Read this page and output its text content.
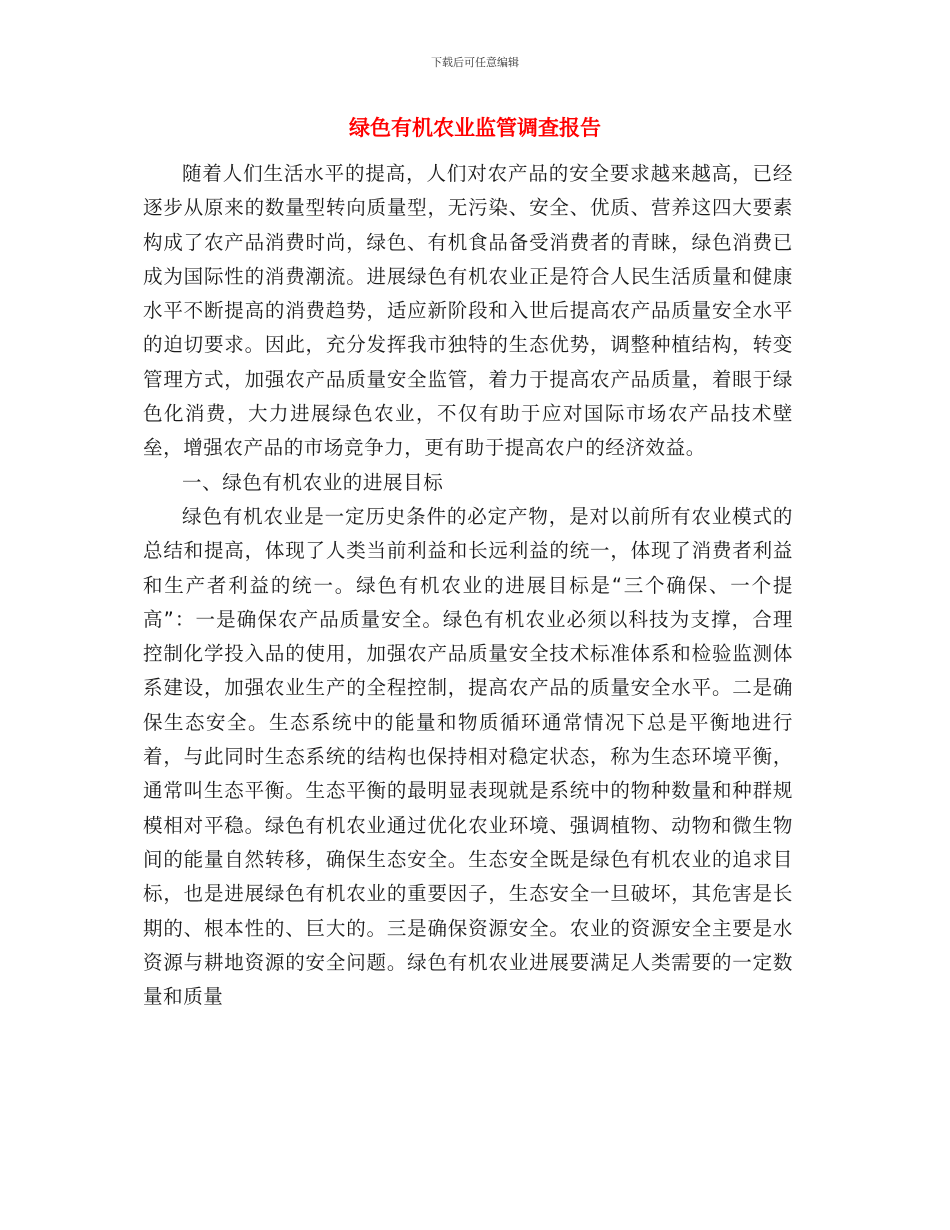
下载后可任意编辑
绿色有机农业监管调查报告

随着人们生活水平的提高，人们对农产品的安全要求越来越高，已经逐步从原来的数量型转向质量型，无污染、安全、优质、营养这四大要素构成了农产品消费时尚，绿色、有机食品备受消费者的青睐，绿色消费已成为国际性的消费潮流。进展绿色有机农业正是符合人民生活质量和健康水平不断提高的消费趋势，适应新阶段和入世后提高农产品质量安全水平的迫切要求。因此，充分发挥我市独特的生态优势，调整种植结构，转变管理方式，加强农产品质量安全监管，着力于提高农产品质量，着眼于绿色化消费，大力进展绿色农业，不仅有助于应对国际市场农产品技术壁垒，增强农产品的市场竞争力，更有助于提高农户的经济效益。

一、绿色有机农业的进展目标

绿色有机农业是一定历史条件的必定产物，是对以前所有农业模式的总结和提高，体现了人类当前利益和长远利益的统一，体现了消费者利益和生产者利益的统一。绿色有机农业的进展目标是“三个确保、一个提高”：一是确保农产品质量安全。绿色有机农业必须以科技为支撑，合理控制化学投入品的使用，加强农产品质量安全技术标准体系和检验监测体系建设，加强农业生产的全程控制，提高农产品的质量安全水平。二是确保生态安全。生态系统中的能量和物质循环通常情况下总是平衡地进行着，与此同时生态系统的结构也保持相对稳定状态，称为生态环境平衡，通常叫生态平衡。生态平衡的最明显表现就是系统中的物种数量和种群规模相对平稳。绿色有机农业通过优化农业环境、强调植物、动物和微生物间的能量自然转移，确保生态安全。生态安全既是绿色有机农业的追求目标，也是进展绿色有机农业的重要因子，生态安全一旦破坏，其危害是长期的、根本性的、巨大的。三是确保资源安全。农业的资源安全主要是水资源与耕地资源的安全问题。绿色有机农业进展要满足人类需要的一定数量和质量
